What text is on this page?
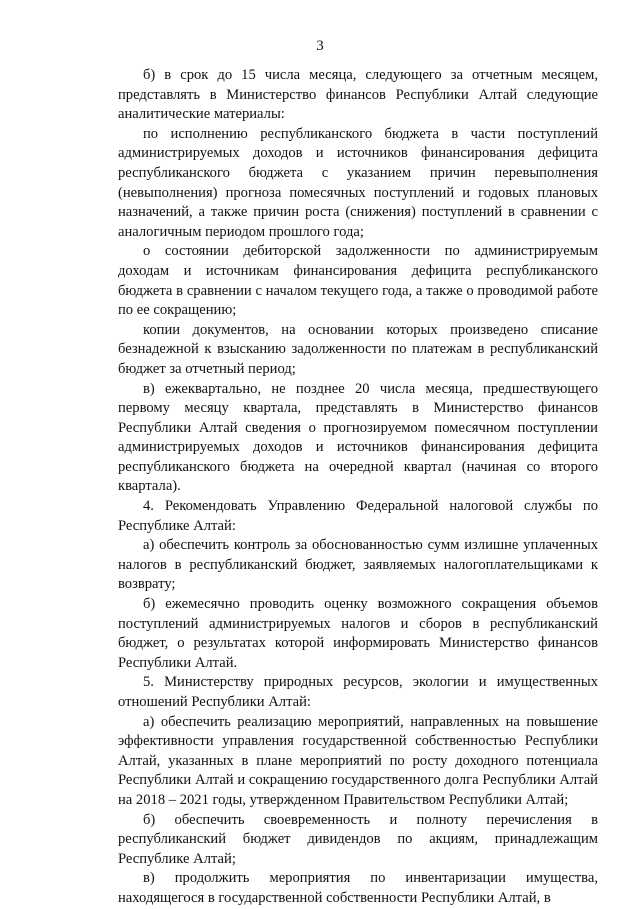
3

б) в срок до 15 числа месяца, следующего за отчетным месяцем, представлять в Министерство финансов Республики Алтай следующие аналитические материалы:

по исполнению республиканского бюджета в части поступлений администрируемых доходов и источников финансирования дефицита республиканского бюджета с указанием причин перевыполнения (невыполнения) прогноза помесячных поступлений и годовых плановых назначений, а также причин роста (снижения) поступлений в сравнении с аналогичным периодом прошлого года;

о состоянии дебиторской задолженности по администрируемым доходам и источникам финансирования дефицита республиканского бюджета в сравнении с началом текущего года, а также о проводимой работе по ее сокращению;

копии документов, на основании которых произведено списание безнадежной к взысканию задолженности по платежам в республиканский бюджет за отчетный период;

в) ежеквартально, не позднее 20 числа месяца, предшествующего первому месяцу квартала, представлять в Министерство финансов Республики Алтай сведения о прогнозируемом помесячном поступлении администрируемых доходов и источников финансирования дефицита республиканского бюджета на очередной квартал (начиная со второго квартала).

4. Рекомендовать Управлению Федеральной налоговой службы по Республике Алтай:

а) обеспечить контроль за обоснованностью сумм излишне уплаченных налогов в республиканский бюджет, заявляемых налогоплательщиками к возврату;

б) ежемесячно проводить оценку возможного сокращения объемов поступлений администрируемых налогов и сборов в республиканский бюджет, о результатах которой информировать Министерство финансов Республики Алтай.

5. Министерству природных ресурсов, экологии и имущественных отношений Республики Алтай:

а) обеспечить реализацию мероприятий, направленных на повышение эффективности управления государственной собственностью Республики Алтай, указанных в плане мероприятий по росту доходного потенциала Республики Алтай и сокращению государственного долга Республики Алтай на 2018 – 2021 годы, утвержденном Правительством Республики Алтай;

б) обеспечить своевременность и полноту перечисления в республиканский бюджет дивидендов по акциям, принадлежащим Республике Алтай;

в) продолжить мероприятия по инвентаризации имущества, находящегося в государственной собственности Республики Алтай, в
